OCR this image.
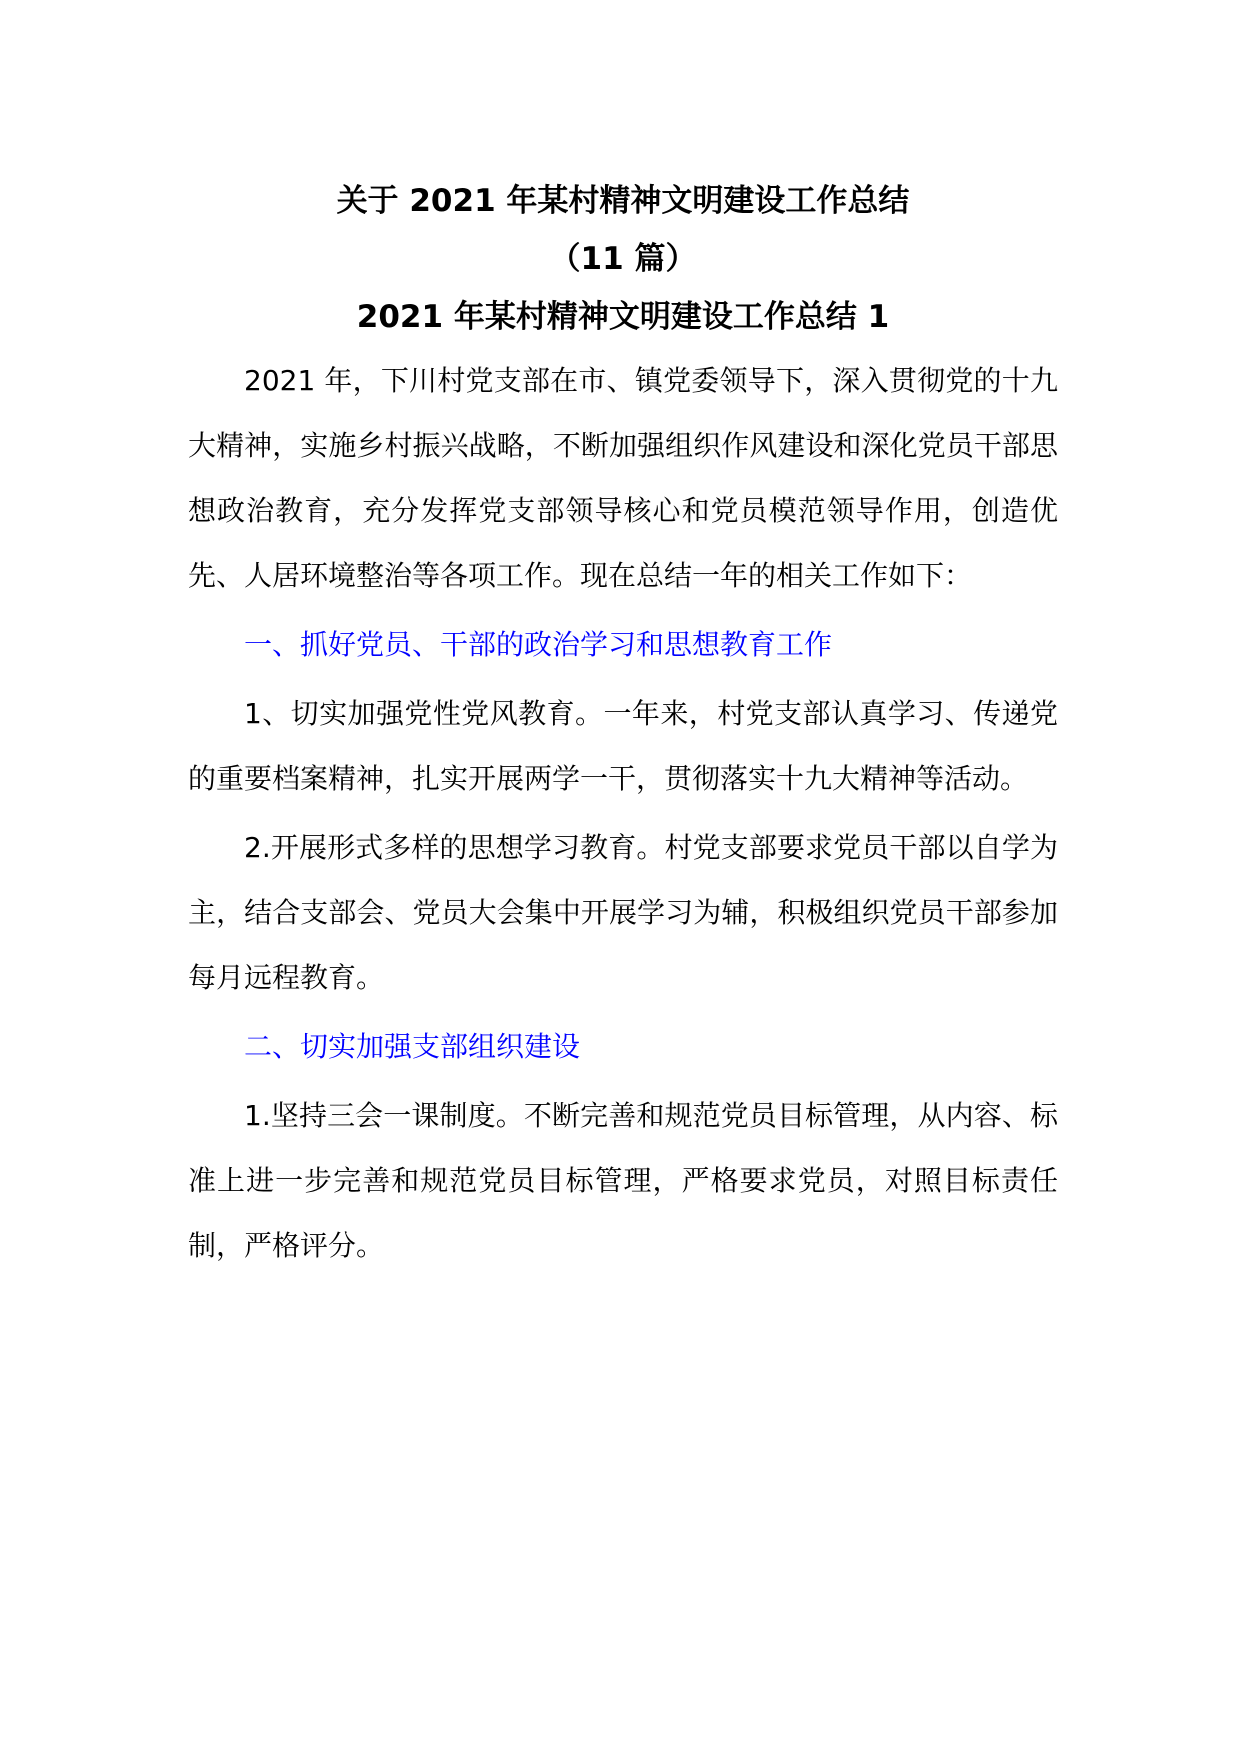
关于 2021 年某村精神文明建设工作总结

（11 篇）

2021 年某村精神文明建设工作总结 1

2021 年，下川村党支部在市、镇党委领导下，深入贯彻党的十九大精神，实施乡村振兴战略，不断加强组织作风建设和深化党员干部思想政治教育，充分发挥党支部领导核心和党员模范领导作用，创造优先、人居环境整治等各项工作。现在总结一年的相关工作如下：

一、抓好党员、干部的政治学习和思想教育工作

1、切实加强党性党风教育。一年来，村党支部认真学习、传递党的重要档案精神，扎实开展两学一干，贯彻落实十九大精神等活动。

2.开展形式多样的思想学习教育。村党支部要求党员干部以自学为主，结合支部会、党员大会集中开展学习为辅，积极组织党员干部参加每月远程教育。

二、切实加强支部组织建设

1.坚持三会一课制度。不断完善和规范党员目标管理，从内容、标准上进一步完善和规范党员目标管理，严格要求党员，对照目标责任制，严格评分。
